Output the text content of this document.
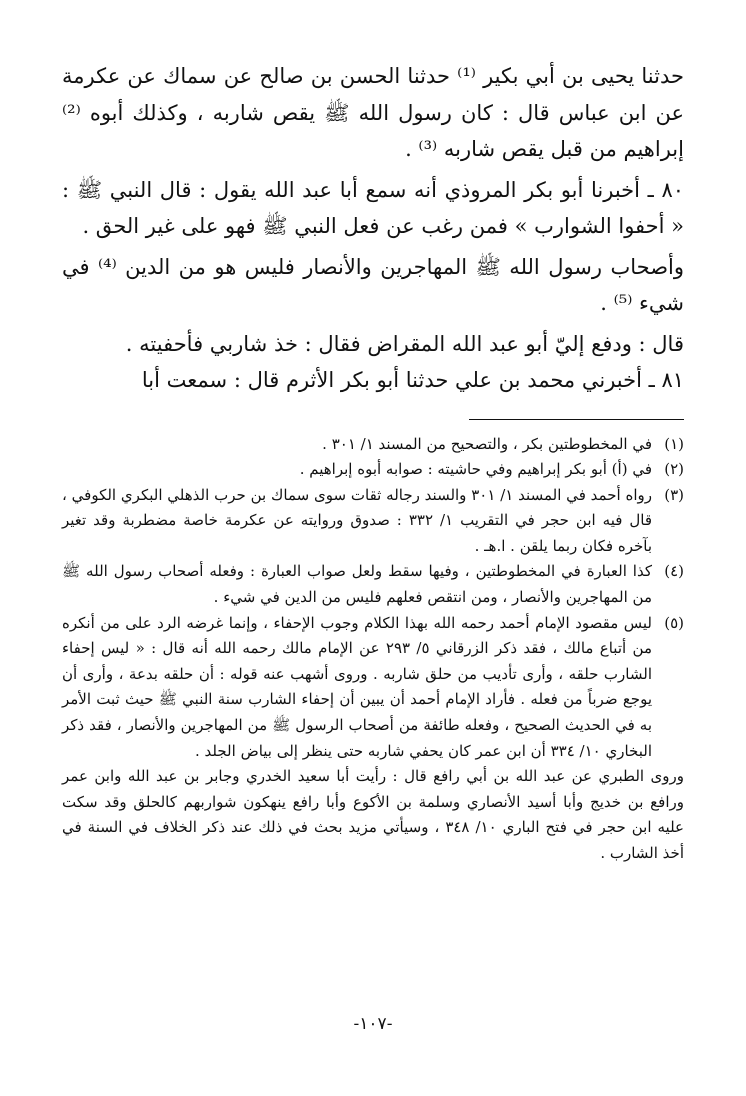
حدثنا يحيى بن أبي بكير ⁽¹⁾ حدثنا الحسن بن صالح عن سماك عن عكرمة عن ابن عباس قال : كان رسول الله ﷺ يقص شاربه ، وكذلك أبوه ⁽²⁾ إبراهيم من قبل يقص شاربه ⁽³⁾ .

٨٠ ـ أخبرنا أبو بكر المروذي أنه سمع أبا عبد الله يقول : قال النبي ﷺ : « أحفوا الشوارب » فمن رغب عن فعل النبي ﷺ فهو على غير الحق .

وأصحاب رسول الله ﷺ المهاجرين والأنصار فليس هو من الدين ⁽⁴⁾ في شيء ⁽⁵⁾ .

قال : ودفع إليّ أبو عبد الله المقراض فقال : خذ شاربي فأحفيته .

٨١ ـ أخبرني محمد بن علي حدثنا أبو بكر الأثرم قال : سمعت أبا

(١)
في المخطوطتين بكر ، والتصحيح من المسند ١/ ٣٠١ .
(٢)
في (أ) أبو بكر إبراهيم وفي حاشيته : صوابه أبوه إبراهيم .
(٣)
رواه أحمد في المسند ١/ ٣٠١ والسند رجاله ثقات سوى سماك بن حرب الذهلي البكري الكوفي ، قال فيه ابن حجر في التقريب ١/ ٣٣٢ : صدوق وروايته عن عكرمة خاصة مضطربة وقد تغير بآخره فكان ربما يلقن . ا.هـ .
(٤)
كذا العبارة في المخطوطتين ، وفيها سقط ولعل صواب العبارة : وفعله أصحاب رسول الله ﷺ من المهاجرين والأنصار ، ومن انتقص فعلهم فليس من الدين في شيء .
(٥)
ليس مقصود الإمام أحمد رحمه الله بهذا الكلام وجوب الإحفاء ، وإنما غرضه الرد على من أنكره من أتباع مالك ، فقد ذكر الزرقاني ٥/ ٢٩٣ عن الإمام مالك رحمه الله أنه قال : « ليس إحفاء الشارب حلقه ، وأرى تأديب من حلق شاربه . وروى أشهب عنه قوله : أن حلقه بدعة ، وأرى أن يوجع ضرباً من فعله . فأراد الإمام أحمد أن يبين أن إحفاء الشارب سنة النبي ﷺ حيث ثبت الأمر به في الحديث الصحيح ، وفعله طائفة من أصحاب الرسول ﷺ من المهاجرين والأنصار ، فقد ذكر البخاري ١٠/ ٣٣٤ أن ابن عمر كان يحفي شاربه حتى ينظر إلى بياض الجلد .

وروى الطبري عن عبد الله بن أبي رافع قال : رأيت أبا سعيد الخدري وجابر بن عبد الله وابن عمر ورافع بن خديج وأبا أسيد الأنصاري وسلمة بن الأكوع وأبا رافع ينهكون شواربهم كالحلق وقد سكت عليه ابن حجر في فتح الباري ١٠/ ٣٤٨ ، وسيأتي مزيد بحث في ذلك عند ذكر الخلاف في السنة في أخذ الشارب .

-١٠٧-
